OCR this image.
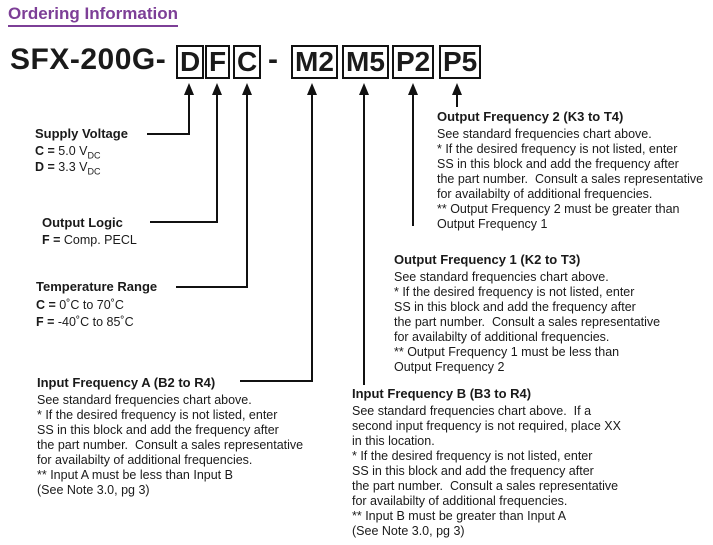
Ordering Information
SFX-200G- D F C - M2 M5 P2 P5
Supply Voltage
C = 5.0 $V_{DC}$
D = 3.3 $V_{DC}$
Output Logic
F = Comp. PECL
Temperature Range
C = 0˚C to 70˚C
F = -40˚C to 85˚C
Input Frequency A (B2 to R4)
See standard frequencies chart above.
* If the desired frequency is not listed, enter
SS in this block and add the frequency after
the part number.  Consult a sales representative
for availabilty of additional frequencies.
** Input A must be less than Input B
(See Note 3.0, pg 3)
Input Frequency B (B3 to R4)
See standard frequencies chart above.  If a
second input frequency is not required, place XX
in this location.
* If the desired frequency is not listed, enter
SS in this block and add the frequency after
the part number.  Consult a sales representative
for availabilty of additional frequencies.
** Input B must be greater than Input A
(See Note 3.0, pg 3)
Output Frequency 1 (K2 to T3)
See standard frequencies chart above.
* If the desired frequency is not listed, enter
SS in this block and add the frequency after
the part number.  Consult a sales representative
for availabilty of additional frequencies.
** Output Frequency 1 must be less than
Output Frequency 2
Output Frequency 2 (K3 to T4)
See standard frequencies chart above.
* If the desired frequency is not listed, enter
SS in this block and add the frequency after
the part number.  Consult a sales representative
for availabilty of additional frequencies.
** Output Frequency 2 must be greater than
Output Frequency 1
